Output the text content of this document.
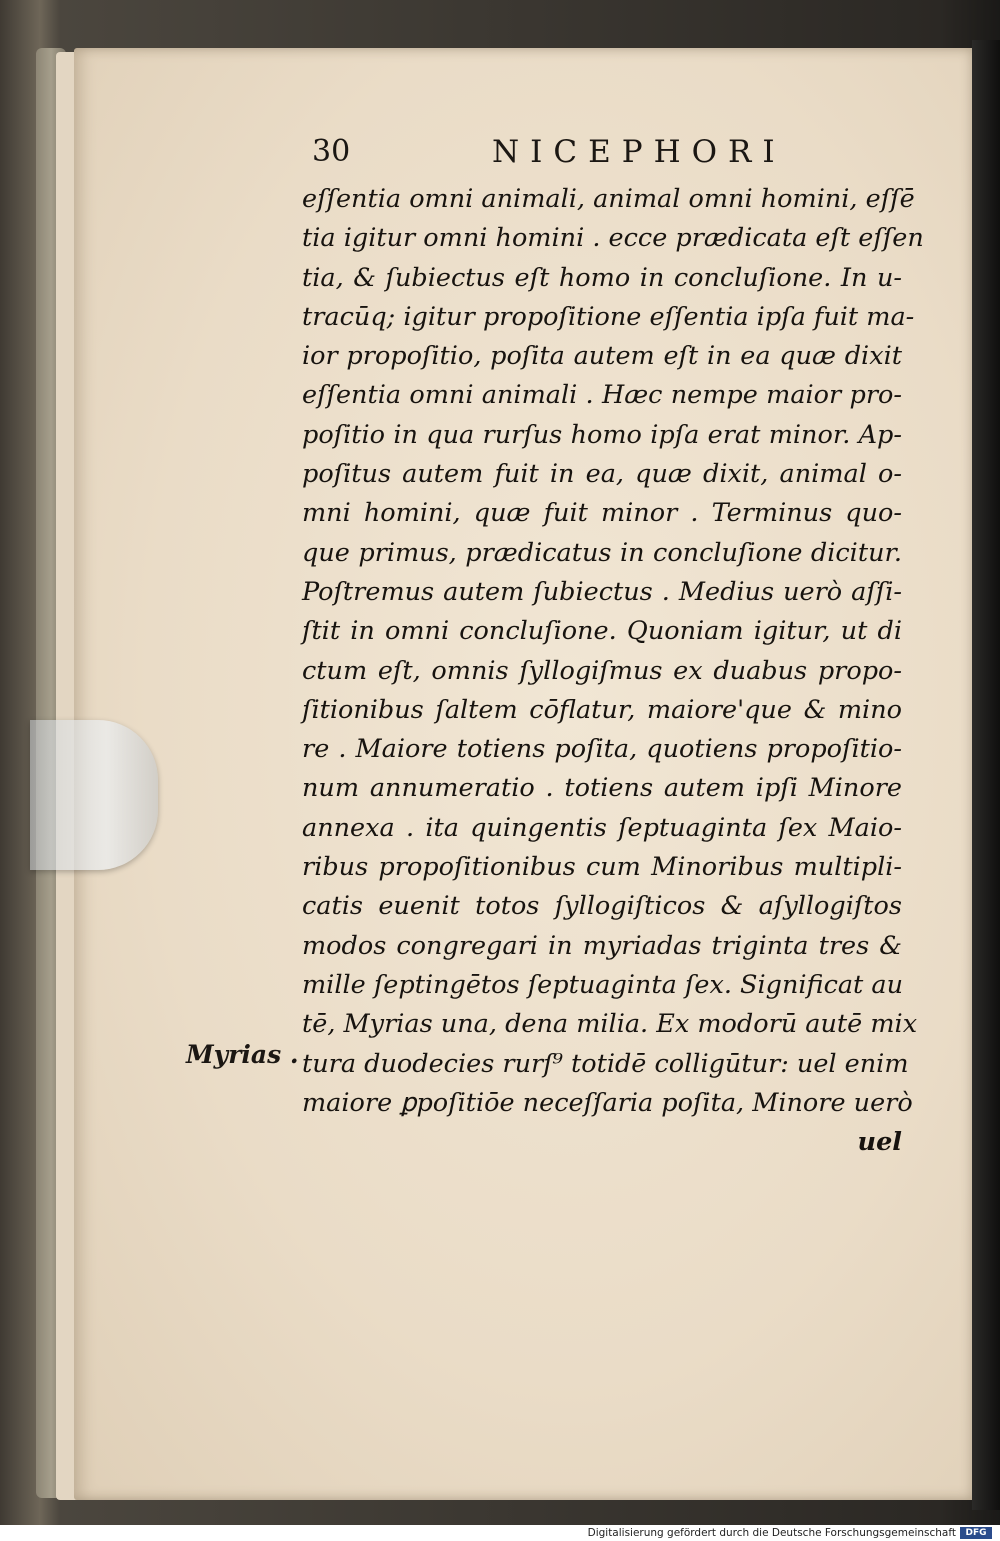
30	NICEPHORI
eſſentia omni animali, animal omni homini, eſſē
tia igitur omni homini . ecce prædicata eſt eſſen
tia, & ſubiectus eſt homo in concluſione. In u-
tracūq; igitur propoſitione eſſentia ipſa fuit ma-
ior propoſitio, poſita autem eſt in ea quæ dixit
eſſentia omni animali . Hæc nempe maior pro-
poſitio in qua rurſus homo ipſa erat minor. Ap-
poſitus autem fuit in ea, quæ dixit, animal o-
mni homini, quæ fuit minor . Terminus quo-
que primus, prædicatus in concluſione dicitur.
Poſtremus autem ſubiectus . Medius uerò aſſi-
ſtit in omni concluſione. Quoniam igitur, ut di
ctum eſt, omnis ſyllogiſmus ex duabus propo-
ſitionibus ſaltem cōflatur, maiore'que & mino
re . Maiore totiens poſita, quotiens propoſitio-
num annumeratio . totiens autem ipſi Minore
annexa . ita quingentis ſeptuaginta ſex Maio-
ribus propoſitionibus cum Minoribus multipli-
catis euenit totos ſyllogiſticos & aſyllogiſtos
modos congregari in myriadas triginta tres &
mille ſeptingētos ſeptuaginta ſex. Significat au
tē, Myrias una, dena milia. Ex modorū autē mix
tura duodecies rurſ⁹ totidē colligūtur: uel enim
maiore ꝑpoſitiōe neceſſaria poſita, Minore uerò
uel
Myrias .
Digitalisierung gefördert durch die Deutsche Forschungsgemeinschaft	DFG
